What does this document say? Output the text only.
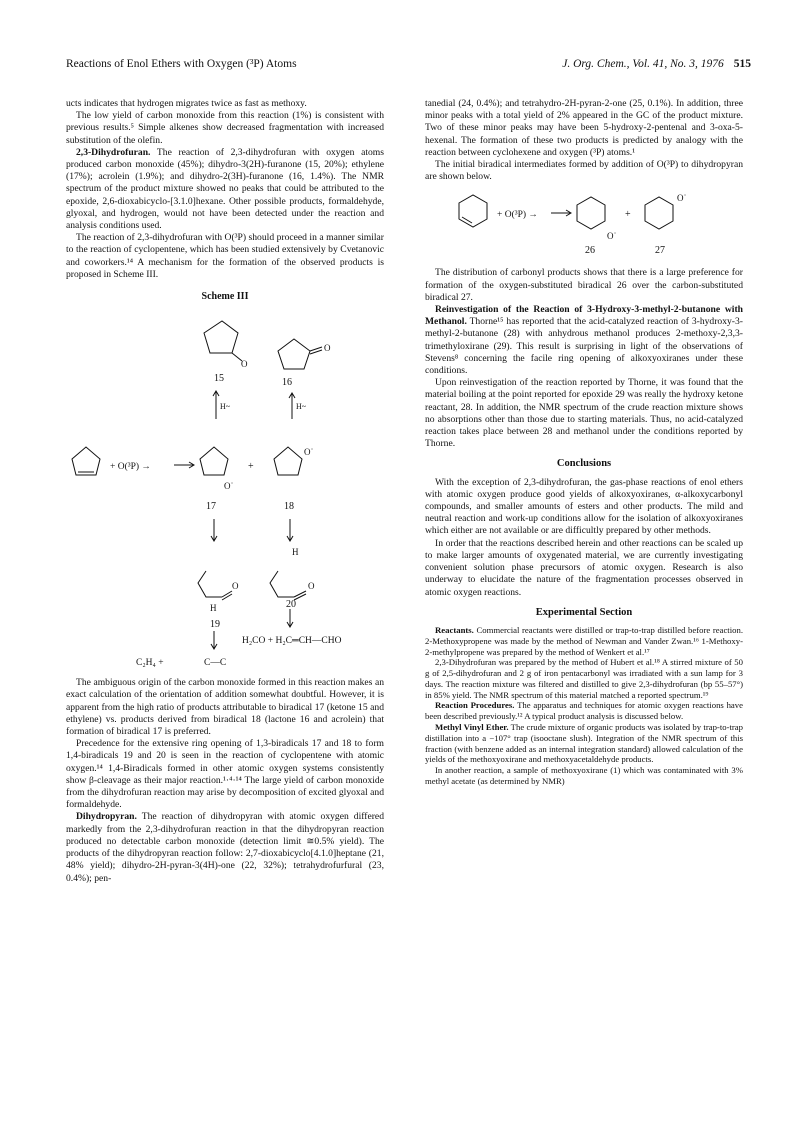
Reactions of Enol Ethers with Oxygen (³P) Atoms	J. Org. Chem., Vol. 41, No. 3, 1976 515

ucts indicates that hydrogen migrates twice as fast as methoxy.

The low yield of carbon monoxide from this reaction (1%) is consistent with previous results.⁵ Simple alkenes show decreased fragmentation with increased substitution of the olefin.

2,3-Dihydrofuran. The reaction of 2,3-dihydrofuran with oxygen atoms produced carbon monoxide (45%); dihydro-3(2H)-furanone (15, 20%); ethylene (17%); acrolein (1.9%); and dihydro-2(3H)-furanone (16, 1.4%). The NMR spectrum of the product mixture showed no peaks that could be attributed to the epoxide, 2,6-dioxabicyclo-[3.1.0]hexane. Other possible products, formaldehyde, glyoxal, and hydrogen, would not have been detected under the reaction and analysis conditions used.

The reaction of 2,3-dihydrofuran with O(³P) should proceed in a manner similar to the reaction of cyclopentene, which has been studied extensively by Cvetanovic and coworkers.¹⁴ A mechanism for the formation of the observed products is proposed in Scheme III.

Scheme III
15	16
O
O
H~	H~
+ O(³P) →	+
O˙
O˙
17	18
O
H
19
O
H
20
H₂CO + H₂C═CH—CHO
C₂H₄ +	C—C

The ambiguous origin of the carbon monoxide formed in this reaction makes an exact calculation of the orientation of addition somewhat doubtful. However, it is apparent from the high ratio of products attributable to biradical 17 (ketone 15 and ethylene) vs. products derived from biradical 18 (lactone 16 and acrolein) that formation of biradical 17 is preferred.

Precedence for the extensive ring opening of 1,3-biradicals 17 and 18 to form 1,4-biradicals 19 and 20 is seen in the reaction of cyclopentene with atomic oxygen.¹⁴ 1,4-Biradicals formed in other atomic oxygen systems consistently show β-cleavage as their major reaction.¹·⁴·¹⁴ The large yield of carbon monoxide from the dihydrofuran reaction may arise by decomposition of excited glyoxal and formaldehyde.

Dihydropyran. The reaction of dihydropyran with atomic oxygen differed markedly from the 2,3-dihydrofuran reaction in that the dihydropyran reaction produced no detectable carbon monoxide (detection limit ≅0.5% yield). The products of the dihydropyran reaction follow: 2,7-dioxabicyclo[4.1.0]heptane (21, 48% yield); dihydro-2H-pyran-3(4H)-one (22, 32%); tetrahydrofurfural (23, 0.4%); pen-

tanedial (24, 0.4%); and tetrahydro-2H-pyran-2-one (25, 0.1%). In addition, three minor peaks with a total yield of 2% appeared in the GC of the product mixture. Two of these minor peaks may have been 5-hydroxy-2-pentenal and 3-oxa-5-hexenal. The formation of these two products is predicted by analogy with the reaction between cyclohexene and oxygen (³P) atoms.¹

The initial biradical intermediates formed by addition of O(³P) to dihydropyran are shown below.

+ O(³P) →	+
O˙
O˙
26	27

The distribution of carbonyl products shows that there is a large preference for formation of the oxygen-substituted biradical 26 over the carbon-substituted biradical 27.

Reinvestigation of the Reaction of 3-Hydroxy-3-methyl-2-butanone with Methanol. Thorne¹⁵ has reported that the acid-catalyzed reaction of 3-hydroxy-3-methyl-2-butanone (28) with anhydrous methanol produces 2-methoxy-2,3,3-trimethyloxirane (29). This result is surprising in light of the observations of Stevens⁸ concerning the facile ring opening of alkoxyoxiranes under these conditions.

Upon reinvestigation of the reaction reported by Thorne, it was found that the material boiling at the point reported for epoxide 29 was really the hydroxy ketone reactant, 28. In addition, the NMR spectrum of the crude reaction mixture shows no absorptions other than those due to starting materials. Thus, no acid-catalyzed reaction takes place between 28 and methanol under the conditions reported by Thorne.

Conclusions

With the exception of 2,3-dihydrofuran, the gas-phase reactions of enol ethers with atomic oxygen produce good yields of alkoxyoxiranes, α-alkoxycarbonyl compounds, and smaller amounts of esters and other products. The mild and neutral reaction and work-up conditions allow for the isolation of alkoxyoxiranes which either are not available or are difficultly prepared by other methods.

In order that the reactions described herein and other reactions can be scaled up to make larger amounts of oxygenated material, we are currently investigating convenient solution phase precursors of atomic oxygen. Research is also underway to elucidate the nature of the fragmentation processes observed in atomic oxygen reactions.

Experimental Section

Reactants. Commercial reactants were distilled or trap-to-trap distilled before reaction. 2-Methoxypropene was made by the method of Newman and Vander Zwan.¹⁶ 1-Methoxy-2-methylpropene was prepared by the method of Wenkert et al.¹⁷

2,3-Dihydrofuran was prepared by the method of Hubert et al.¹⁸ A stirred mixture of 50 g of 2,5-dihydrofuran and 2 g of iron pentacarbonyl was irradiated with a sun lamp for 3 days. The reaction mixture was filtered and distilled to give 2,3-dihydrofuran (bp 55–57°) in 85% yield. The NMR spectrum of this material matched a reported spectrum.¹⁹

Reaction Procedures. The apparatus and techniques for atomic oxygen reactions have been described previously.¹² A typical product analysis is discussed below.

Methyl Vinyl Ether. The crude mixture of organic products was isolated by trap-to-trap distillation into a −107° trap (isooctane slush). Integration of the NMR spectrum of this fraction (with benzene added as an internal integration standard) allowed calculation of the yields of the methoxyoxirane and methoxyacetaldehyde products.

In another reaction, a sample of methoxyoxirane (1) which was contaminated with 3% methyl acetate (as determined by NMR)
